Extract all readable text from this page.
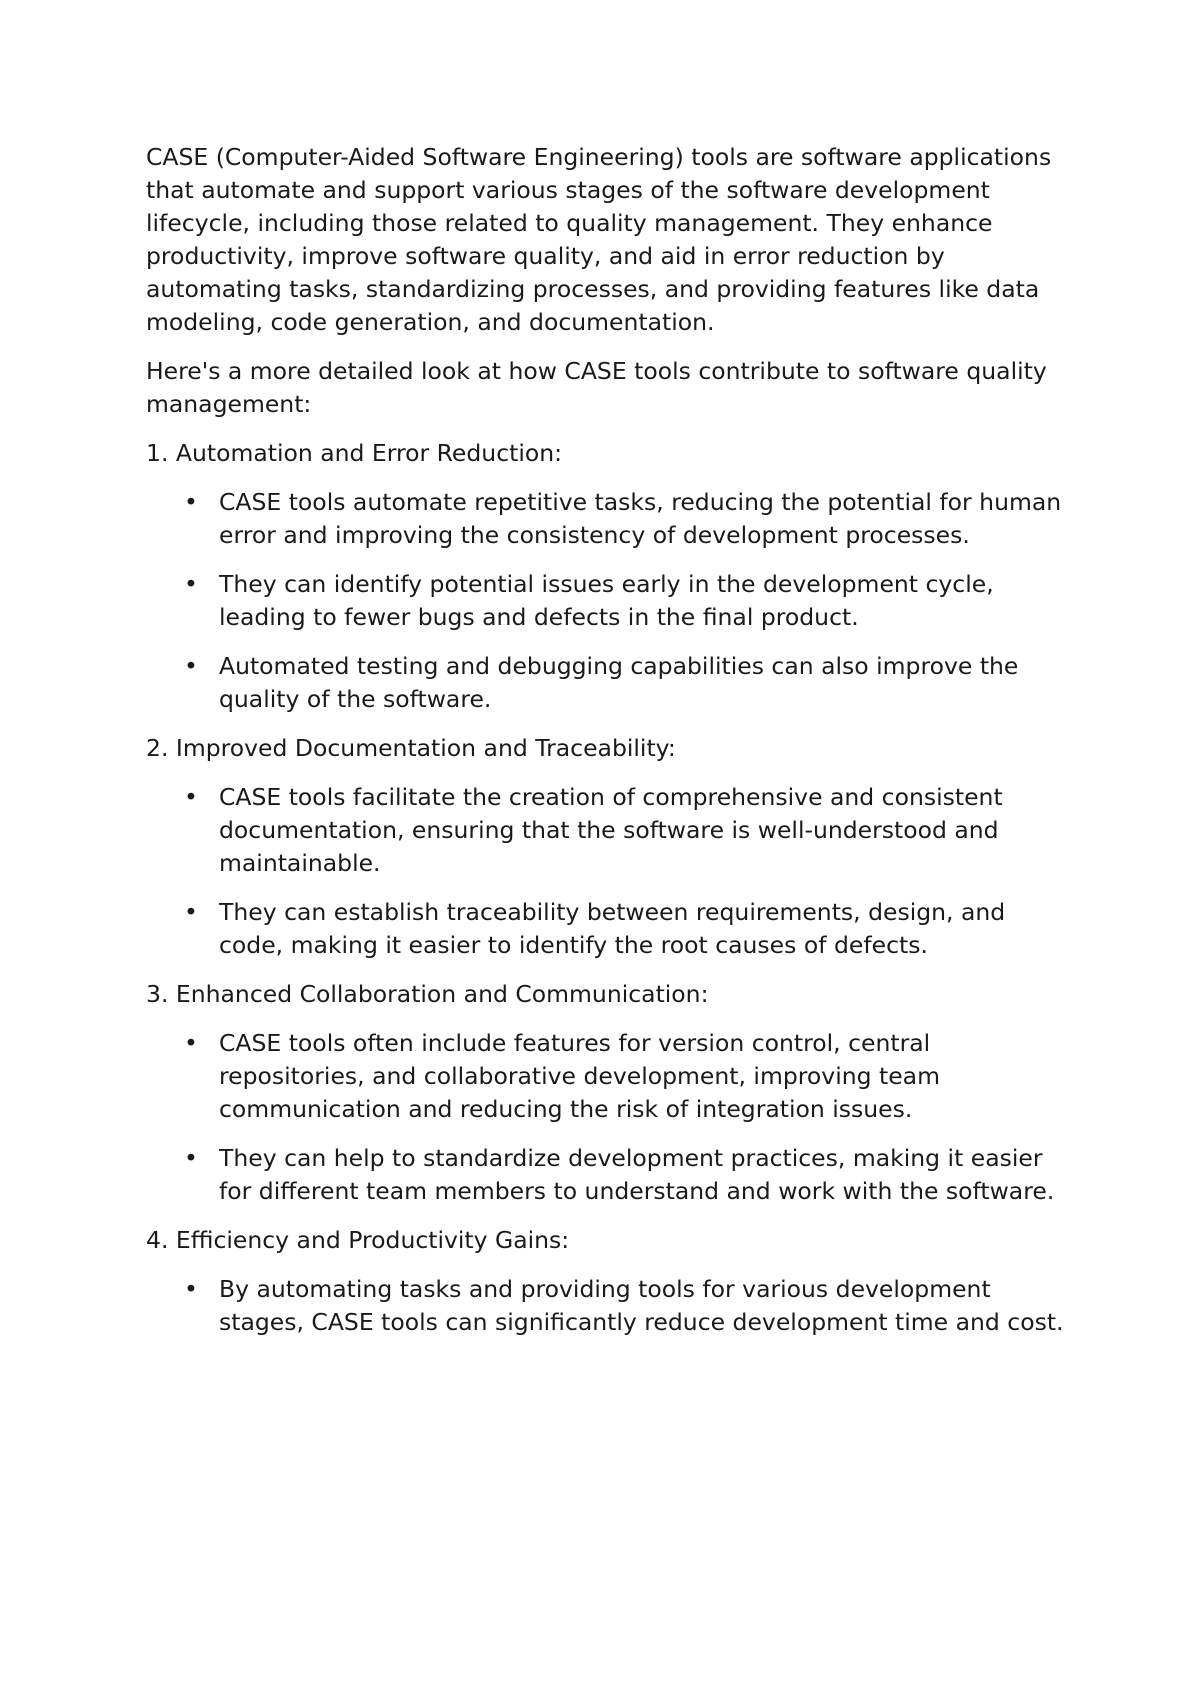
CASE (Computer-Aided Software Engineering) tools are software applications that automate and support various stages of the software development lifecycle, including those related to quality management. They enhance productivity, improve software quality, and aid in error reduction by automating tasks, standardizing processes, and providing features like data modeling, code generation, and documentation.

Here's a more detailed look at how CASE tools contribute to software quality management:

1. Automation and Error Reduction:

• CASE tools automate repetitive tasks, reducing the potential for human error and improving the consistency of development processes.
• They can identify potential issues early in the development cycle, leading to fewer bugs and defects in the final product.
• Automated testing and debugging capabilities can also improve the quality of the software.

2. Improved Documentation and Traceability:

• CASE tools facilitate the creation of comprehensive and consistent documentation, ensuring that the software is well-understood and maintainable.
• They can establish traceability between requirements, design, and code, making it easier to identify the root causes of defects.

3. Enhanced Collaboration and Communication:

• CASE tools often include features for version control, central repositories, and collaborative development, improving team communication and reducing the risk of integration issues.
• They can help to standardize development practices, making it easier for different team members to understand and work with the software.

4. Efficiency and Productivity Gains:

• By automating tasks and providing tools for various development stages, CASE tools can significantly reduce development time and cost.
